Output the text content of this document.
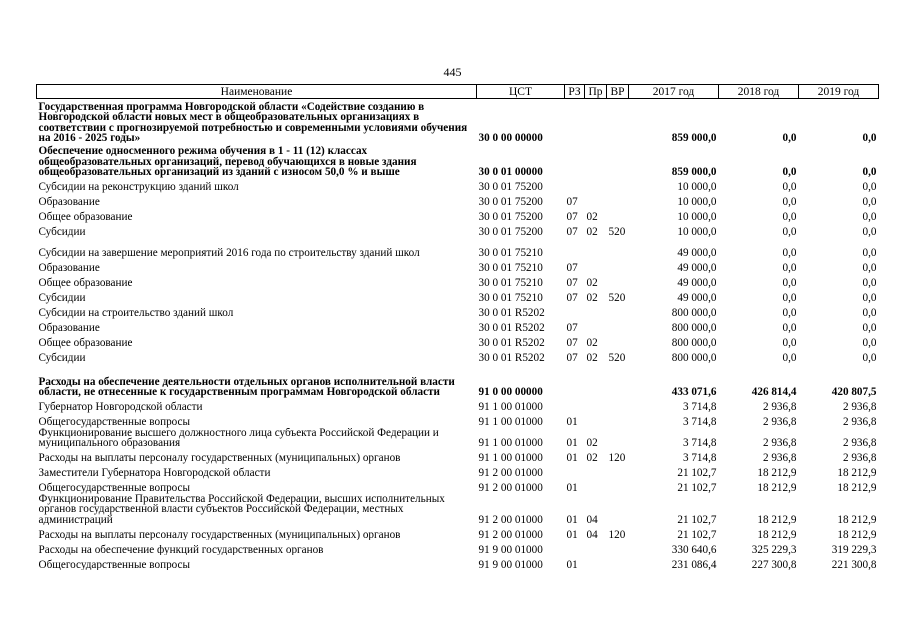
445
Наименование	ЦСТ	РЗ	Пр	ВР	2017 год	2018 год	2019 год
Государственная программа Новгородской области «Содействие созданию в Новгородской области новых мест в общеобразовательных организациях в соответствии с прогнозируемой потребностью и современными условиями обучения на 2016 - 2025 годы»	30 0 00 00000				859 000,0	0,0	0,0
Обеспечение односменного режима обучения в 1 - 11 (12) классах общеобразовательных организаций, перевод обучающихся в новые здания общеобразовательных организаций из зданий с износом 50,0 % и выше	30 0 01 00000				859 000,0	0,0	0,0
Субсидии на реконструкцию зданий школ	30 0 01 75200				10 000,0	0,0	0,0
Образование	30 0 01 75200	07			10 000,0	0,0	0,0
Общее образование	30 0 01 75200	07	02		10 000,0	0,0	0,0
Субсидии	30 0 01 75200	07	02	520	10 000,0	0,0	0,0
Субсидии на завершение мероприятий 2016 года по строительству зданий школ	30 0 01 75210				49 000,0	0,0	0,0
Образование	30 0 01 75210	07			49 000,0	0,0	0,0
Общее образование	30 0 01 75210	07	02		49 000,0	0,0	0,0
Субсидии	30 0 01 75210	07	02	520	49 000,0	0,0	0,0
Субсидии на строительство зданий школ	30 0 01 R5202				800 000,0	0,0	0,0
Образование	30 0 01 R5202	07			800 000,0	0,0	0,0
Общее образование	30 0 01 R5202	07	02		800 000,0	0,0	0,0
Субсидии	30 0 01 R5202	07	02	520	800 000,0	0,0	0,0
Расходы на обеспечение деятельности отдельных органов исполнительной власти области, не отнесенные к государственным программам Новгородской области	91 0 00 00000				433 071,6	426 814,4	420 807,5
Губернатор Новгородской области	91 1 00 01000				3 714,8	2 936,8	2 936,8
Общегосударственные вопросы	91 1 00 01000	01			3 714,8	2 936,8	2 936,8
Функционирование высшего должностного лица субъекта Российской Федерации и муниципального образования	91 1 00 01000	01	02		3 714,8	2 936,8	2 936,8
Расходы на выплаты персоналу государственных (муниципальных) органов	91 1 00 01000	01	02	120	3 714,8	2 936,8	2 936,8
Заместители Губернатора Новгородской области	91 2 00 01000				21 102,7	18 212,9	18 212,9
Общегосударственные вопросы	91 2 00 01000	01			21 102,7	18 212,9	18 212,9
Функционирование Правительства Российской Федерации, высших исполнительных органов государственной власти субъектов Российской Федерации, местных администраций	91 2 00 01000	01	04		21 102,7	18 212,9	18 212,9
Расходы на выплаты персоналу государственных (муниципальных) органов	91 2 00 01000	01	04	120	21 102,7	18 212,9	18 212,9
Расходы на обеспечение функций государственных органов	91 9 00 01000				330 640,6	325 229,3	319 229,3
Общегосударственные вопросы	91 9 00 01000	01			231 086,4	227 300,8	221 300,8
